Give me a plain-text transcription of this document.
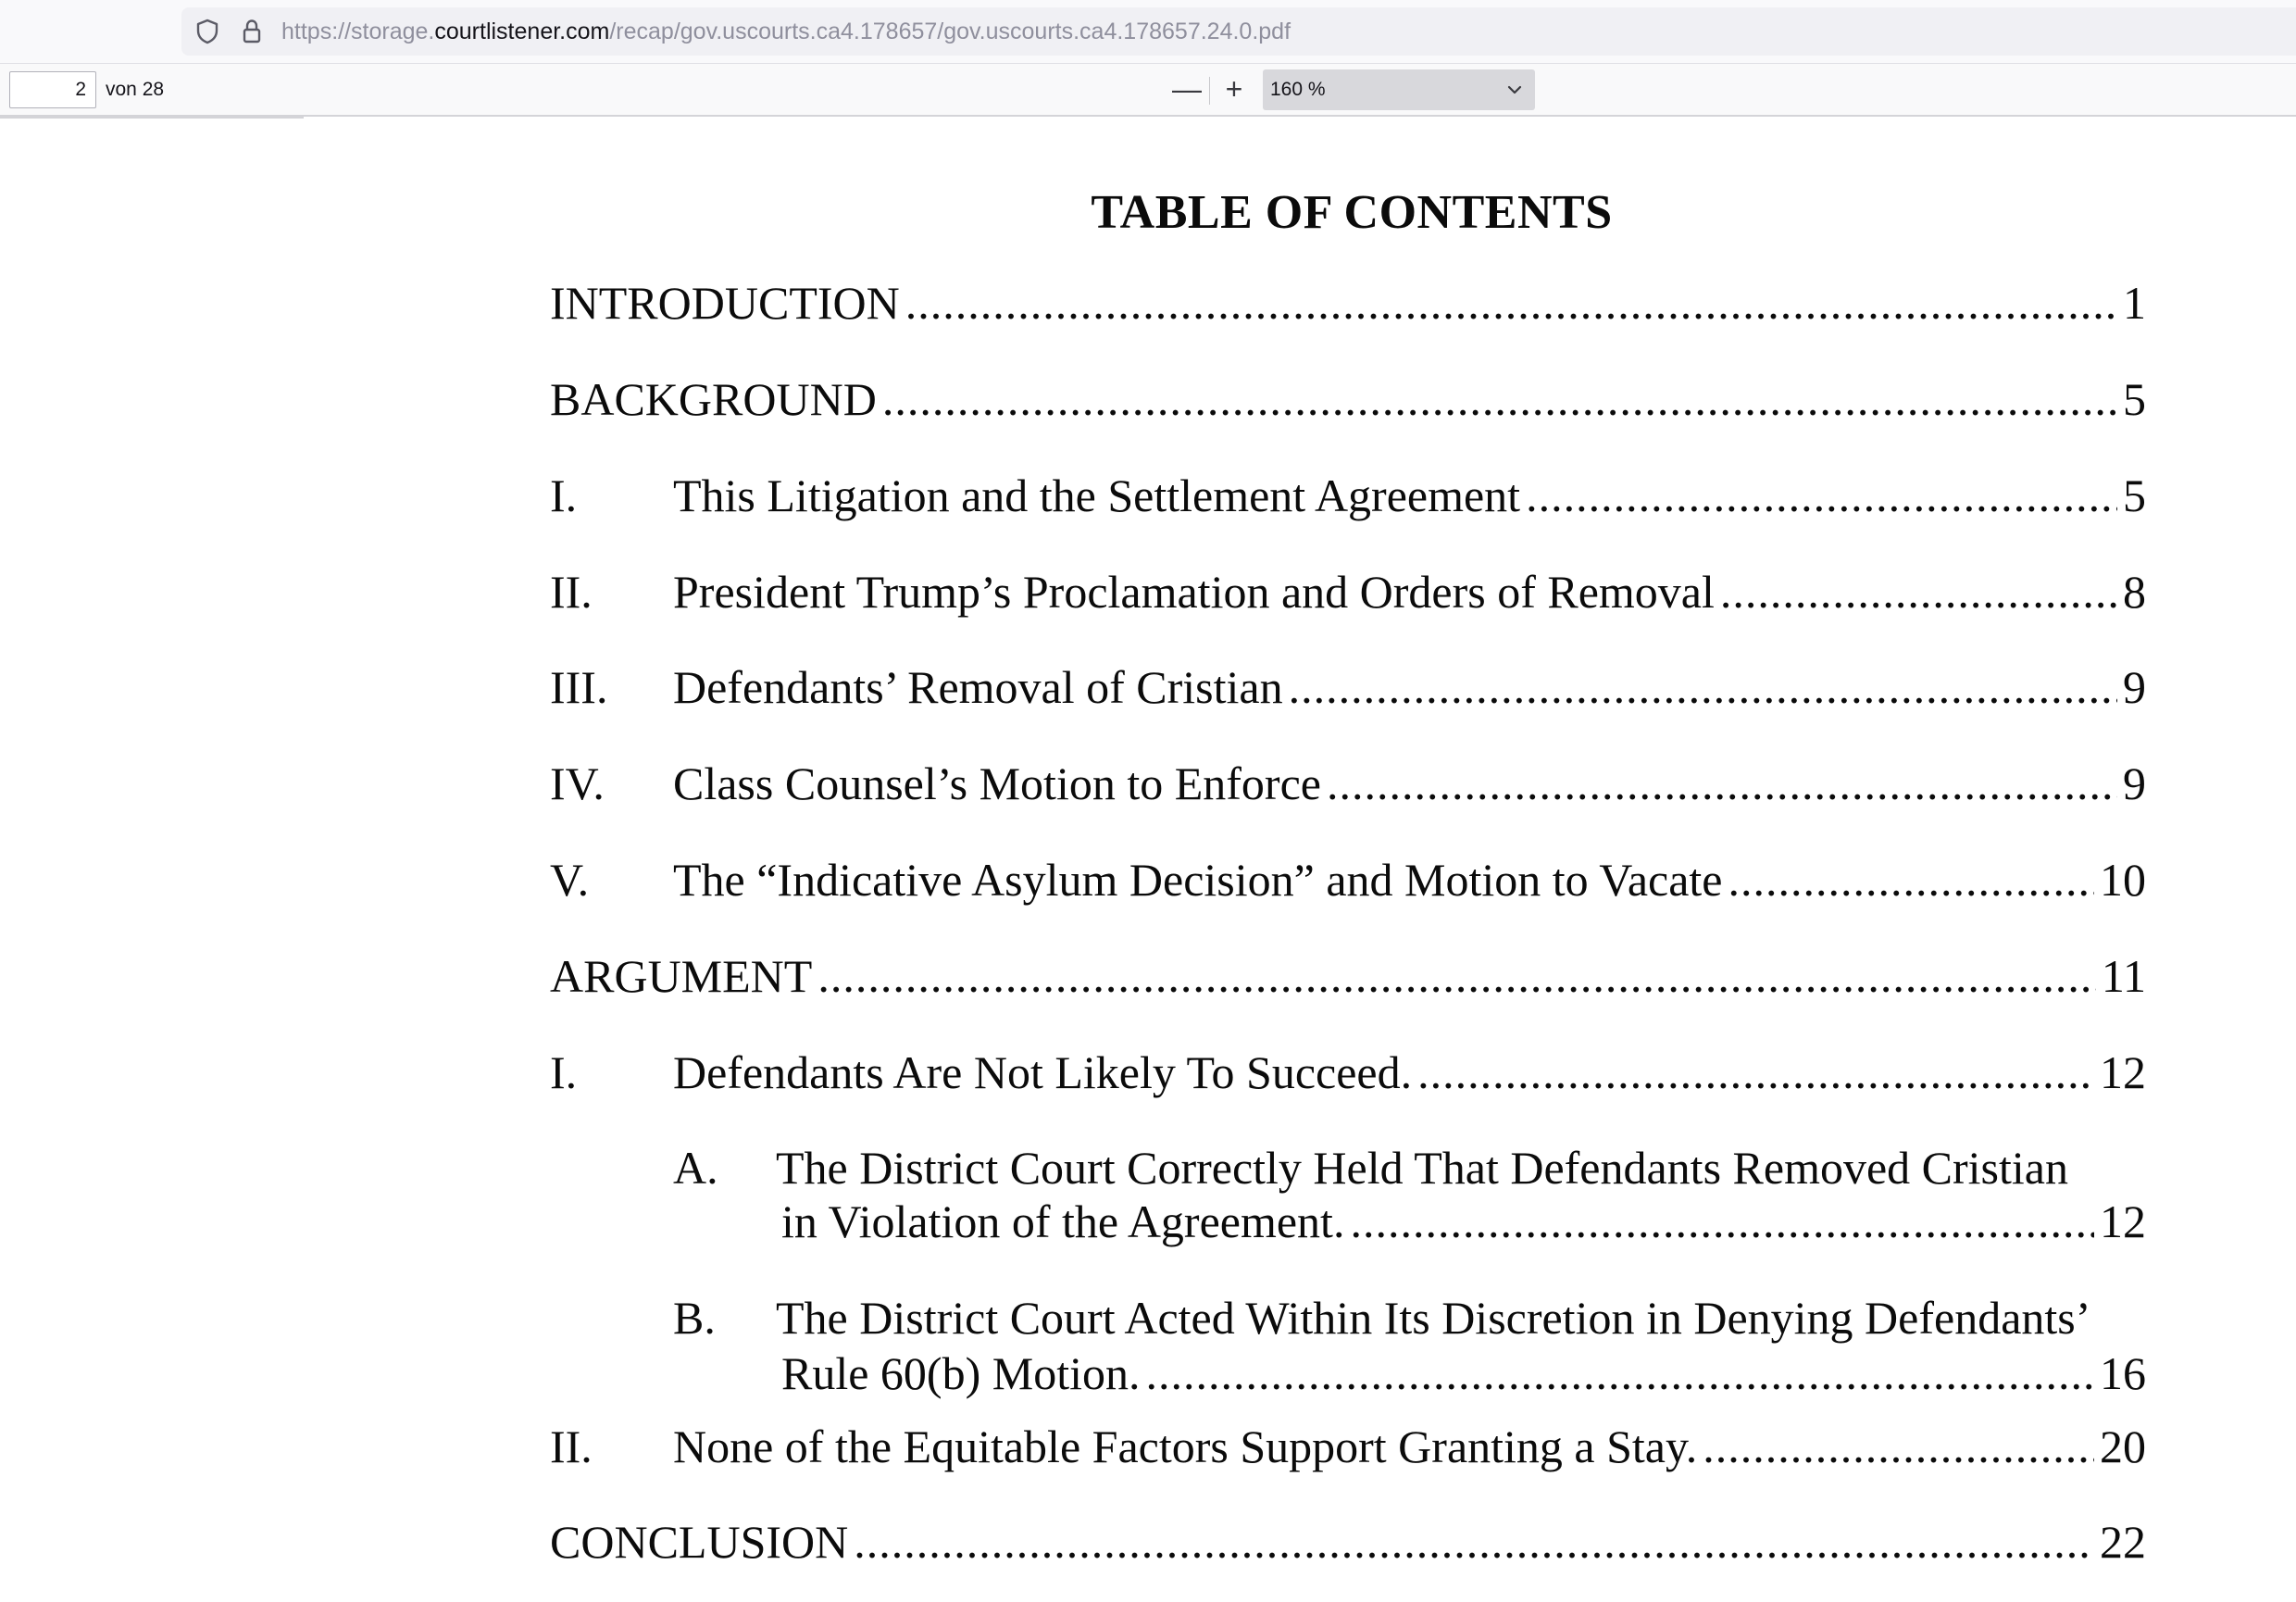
https://storage.courtlistener.com/recap/gov.uscourts.ca4.178657/gov.uscourts.ca4.178657.24.0.pdf
2
von 28	— +	160 %
TABLE OF CONTENTS
INTRODUCTION .....	1
BACKGROUND .....	5
I.	This Litigation and the Settlement Agreement .....	5
II.	President Trump’s Proclamation and Orders of Removal .....	8
III.	Defendants’ Removal of Cristian .....	9
IV.	Class Counsel’s Motion to Enforce .....	9
V.	The “Indicative Asylum Decision” and Motion to Vacate .....	10
ARGUMENT .....	11
I.	Defendants Are Not Likely To Succeed. .....	12
A.	The District Court Correctly Held That Defendants Removed Cristian
in Violation of the Agreement. .....	12
B.	The District Court Acted Within Its Discretion in Denying Defendants’
Rule 60(b) Motion. .....	16
II.	None of the Equitable Factors Support Granting a Stay. .....	20
CONCLUSION .....	22
